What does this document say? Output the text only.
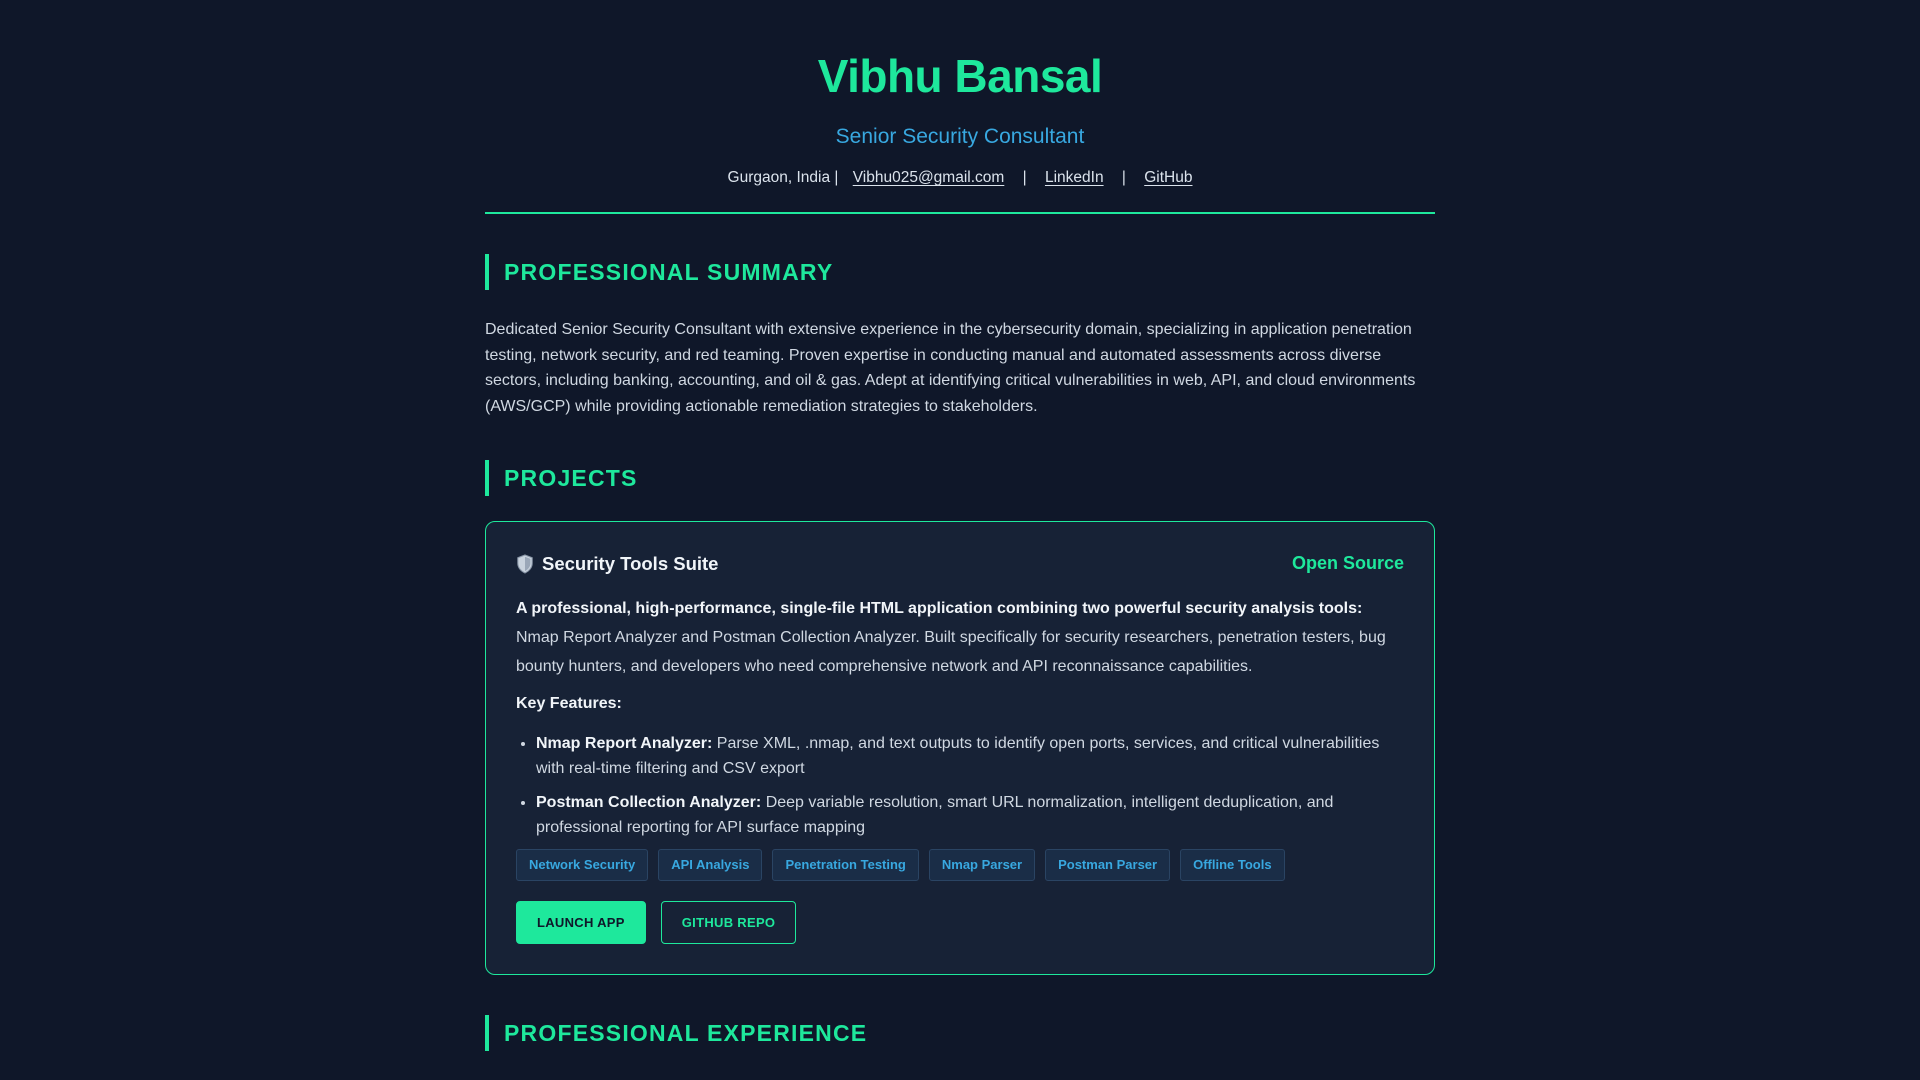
Vibhu Bansal
Senior Security Consultant
Gurgaon, India | Vibhu025@gmail.com | LinkedIn | GitHub
PROFESSIONAL SUMMARY

Dedicated Senior Security Consultant with extensive experience in the cybersecurity domain, specializing in application penetration testing, network security, and red teaming. Proven expertise in conducting manual and automated assessments across diverse sectors, including banking, accounting, and oil & gas. Adept at identifying critical vulnerabilities in web, API, and cloud environments (AWS/GCP) while providing actionable remediation strategies to stakeholders.

PROJECTS
Security Tools Suite	Open Source

A professional, high-performance, single-file HTML application combining two powerful security analysis tools:
Nmap Report Analyzer and Postman Collection Analyzer. Built specifically for security researchers, penetration testers, bug bounty hunters, and developers who need comprehensive network and API reconnaissance capabilities.

Key Features:
• Nmap Report Analyzer: Parse XML, .nmap, and text outputs to identify open ports, services, and critical vulnerabilities with real-time filtering and CSV export
• Postman Collection Analyzer: Deep variable resolution, smart URL normalization, intelligent deduplication, and professional reporting for API surface mapping
Network Security	API Analysis	Penetration Testing	Nmap Parser	Postman Parser	Offline Tools
LAUNCH APP	GITHUB REPO
PROFESSIONAL EXPERIENCE
